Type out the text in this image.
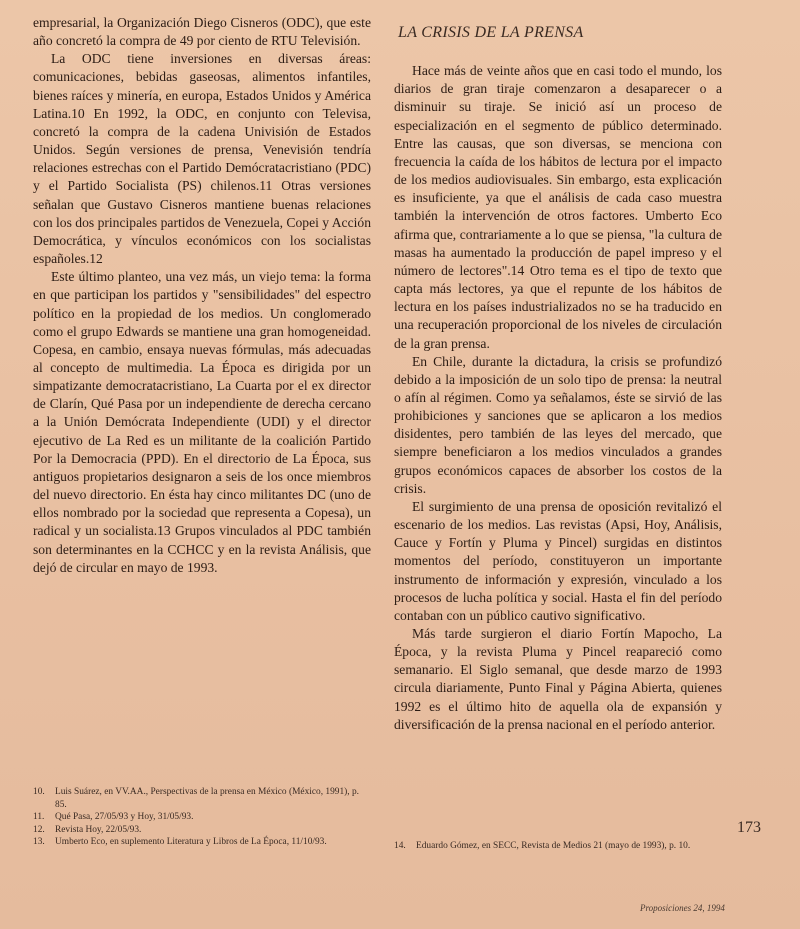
empresarial, la Organización Diego Cisneros (ODC), que este año concretó la compra de 49 por ciento de RTU Televisión.

La ODC tiene inversiones en diversas áreas: comunicaciones, bebidas gaseosas, alimentos infantiles, bienes raíces y minería, en europa, Estados Unidos y América Latina.10 En 1992, la ODC, en conjunto con Televisa, concretó la compra de la cadena Univisión de Estados Unidos. Según versiones de prensa, Venevisión tendría relaciones estrechas con el Partido Demócratacristiano (PDC) y el Partido Socialista (PS) chilenos.11 Otras versiones señalan que Gustavo Cisneros mantiene buenas relaciones con los dos principales partidos de Venezuela, Copei y Acción Democrática, y vínculos económicos con los socialistas españoles.12

Este último planteo, una vez más, un viejo tema: la forma en que participan los partidos y "sensibilidades" del espectro político en la propiedad de los medios. Un conglomerado como el grupo Edwards se mantiene una gran homogeneidad. Copesa, en cambio, ensaya nuevas fórmulas, más adecuadas al concepto de multimedia. La Época es dirigida por un simpatizante democratacristiano, La Cuarta por el ex director de Clarín, Qué Pasa por un independiente de derecha cercano a la Unión Demócrata Independiente (UDI) y el director ejecutivo de La Red es un militante de la coalición Partido Por la Democracia (PPD). En el directorio de La Época, sus antiguos propietarios designaron a seis de los once miembros del nuevo directorio. En ésta hay cinco militantes DC (uno de ellos nombrado por la sociedad que representa a Copesa), un radical y un socialista.13 Grupos vinculados al PDC también son determinantes en la CCHCC y en la revista Análisis, que dejó de circular en mayo de 1993.

LA CRISIS DE LA PRENSA

Hace más de veinte años que en casi todo el mundo, los diarios de gran tiraje comenzaron a desaparecer o a disminuir su tiraje. Se inició así un proceso de especialización en el segmento de público determinado. Entre las causas, que son diversas, se menciona con frecuencia la caída de los hábitos de lectura por el impacto de los medios audiovisuales. Sin embargo, esta explicación es insuficiente, ya que el análisis de cada caso muestra también la intervención de otros factores. Umberto Eco afirma que, contrariamente a lo que se piensa, "la cultura de masas ha aumentado la producción de papel impreso y el número de lectores".14 Otro tema es el tipo de texto que capta más lectores, ya que el repunte de los hábitos de lectura en los países industrializados no se ha traducido en una recuperación proporcional de los niveles de circulación de la gran prensa.

En Chile, durante la dictadura, la crisis se profundizó debido a la imposición de un solo tipo de prensa: la neutral o afín al régimen. Como ya señalamos, éste se sirvió de las prohibiciones y sanciones que se aplicaron a los medios disidentes, pero también de las leyes del mercado, que siempre beneficiaron a los medios vinculados a grandes grupos económicos capaces de absorber los costos de la crisis.

El surgimiento de una prensa de oposición revitalizó el escenario de los medios. Las revistas (Apsi, Hoy, Análisis, Cauce y Fortín y Pluma y Pincel) surgidas en distintos momentos del período, constituyeron un importante instrumento de información y expresión, vinculado a los procesos de lucha política y social. Hasta el fin del período contaban con un público cautivo significativo.

Más tarde surgieron el diario Fortín Mapocho, La Época, y la revista Pluma y Pincel reapareció como semanario. El Siglo semanal, que desde marzo de 1993 circula diariamente, Punto Final y Página Abierta, quienes 1992 es el último hito de aquella ola de expansión y diversificación de la prensa nacional en el período anterior.

10.	Luis Suárez, en VV.AA., Perspectivas de la prensa en México (México, 1991), p. 85.
11.	Qué Pasa, 27/05/93 y Hoy, 31/05/93.
12.	Revista Hoy, 22/05/93.
13.	Umberto Eco, en suplemento Literatura y Libros de La Época, 11/10/93.
173
14.	Eduardo Gómez, en SECC, Revista de Medios 21 (mayo de 1993), p. 10.
Proposiciones 24, 1994
